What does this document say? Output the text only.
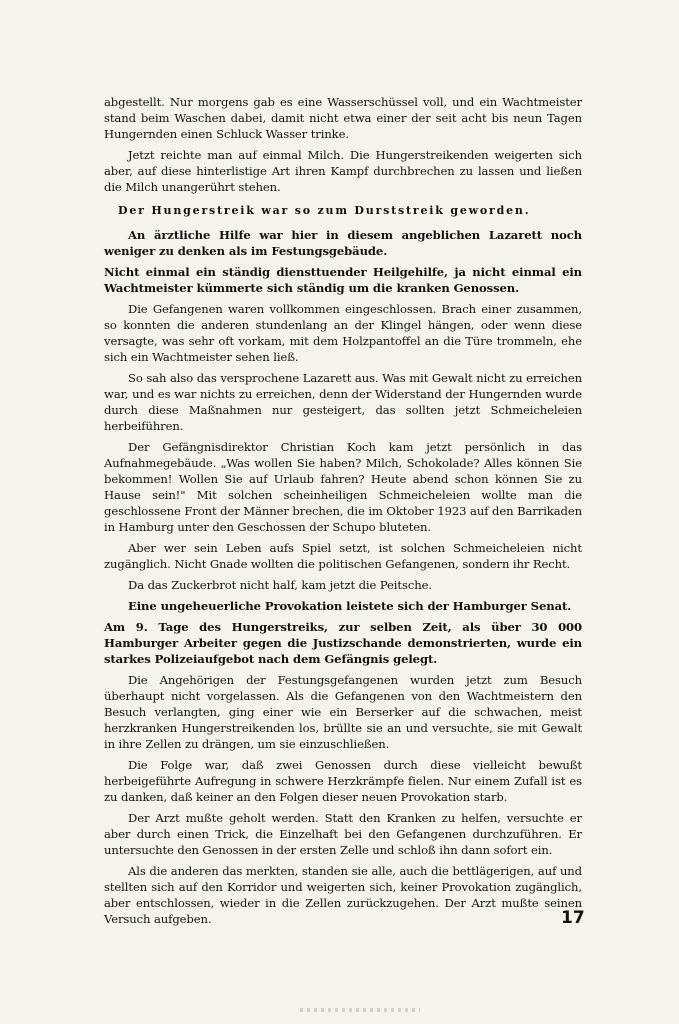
abgestellt. Nur morgens gab es eine Wasserschüssel voll, und ein Wachtmeister stand beim Waschen dabei, damit nicht etwa einer der seit acht bis neun Tagen Hungernden einen Schluck Wasser trinke.

Jetzt reichte man auf einmal Milch. Die Hungerstreikenden weigerten sich aber, auf diese hinterlistige Art ihren Kampf durchbrechen zu lassen und ließen die Milch unangerührt stehen.

Der Hungerstreik war so zum Durststreik geworden.

An ärztliche Hilfe war hier in diesem angeblichen Lazarett noch weniger zu denken als im Festungsgebäude.

Nicht einmal ein ständig diensttuender Heilgehilfe, ja nicht einmal ein Wachtmeister kümmerte sich ständig um die kranken Genossen.

Die Gefangenen waren vollkommen eingeschlossen. Brach einer zusammen, so konnten die anderen stundenlang an der Klingel hängen, oder wenn diese versagte, was sehr oft vorkam, mit dem Holzpantoffel an die Türe trommeln, ehe sich ein Wachtmeister sehen ließ.

So sah also das versprochene Lazarett aus. Was mit Gewalt nicht zu erreichen war, und es war nichts zu erreichen, denn der Widerstand der Hungernden wurde durch diese Maßnahmen nur gesteigert, das sollten jetzt Schmeicheleien herbeiführen.

Der Gefängnisdirektor Christian Koch kam jetzt persönlich in das Aufnahmegebäude. „Was wollen Sie haben? Milch, Schokolade? Alles können Sie bekommen! Wollen Sie auf Urlaub fahren? Heute abend schon können Sie zu Hause sein!" Mit solchen scheinheiligen Schmeicheleien wollte man die geschlossene Front der Männer brechen, die im Oktober 1923 auf den Barrikaden in Hamburg unter den Geschossen der Schupo bluteten.

Aber wer sein Leben aufs Spiel setzt, ist solchen Schmeicheleien nicht zugänglich. Nicht Gnade wollten die politischen Gefangenen, sondern ihr Recht.

Da das Zuckerbrot nicht half, kam jetzt die Peitsche.

Eine ungeheuerliche Provokation leistete sich der Hamburger Senat.

Am 9. Tage des Hungerstreiks, zur selben Zeit, als über 30 000 Hamburger Arbeiter gegen die Justizschande demonstrierten, wurde ein starkes Polizeiaufgebot nach dem Gefängnis gelegt.

Die Angehörigen der Festungsgefangenen wurden jetzt zum Besuch überhaupt nicht vorgelassen. Als die Gefangenen von den Wachtmeistern den Besuch verlangten, ging einer wie ein Berserker auf die schwachen, meist herzkranken Hungerstreikenden los, brüllte sie an und versuchte, sie mit Gewalt in ihre Zellen zu drängen, um sie einzuschließen.

Die Folge war, daß zwei Genossen durch diese vielleicht bewußt herbeigeführte Aufregung in schwere Herzkrämpfe fielen. Nur einem Zufall ist es zu danken, daß keiner an den Folgen dieser neuen Provokation starb.

Der Arzt mußte geholt werden. Statt den Kranken zu helfen, versuchte er aber durch einen Trick, die Einzelhaft bei den Gefangenen durchzuführen. Er untersuchte den Genossen in der ersten Zelle und schloß ihn dann sofort ein.

Als die anderen das merkten, standen sie alle, auch die bettlägerigen, auf und stellten sich auf den Korridor und weigerten sich, keiner Provokation zugänglich, aber entschlossen, wieder in die Zellen zurückzugehen. Der Arzt mußte seinen Versuch aufgeben.	17
